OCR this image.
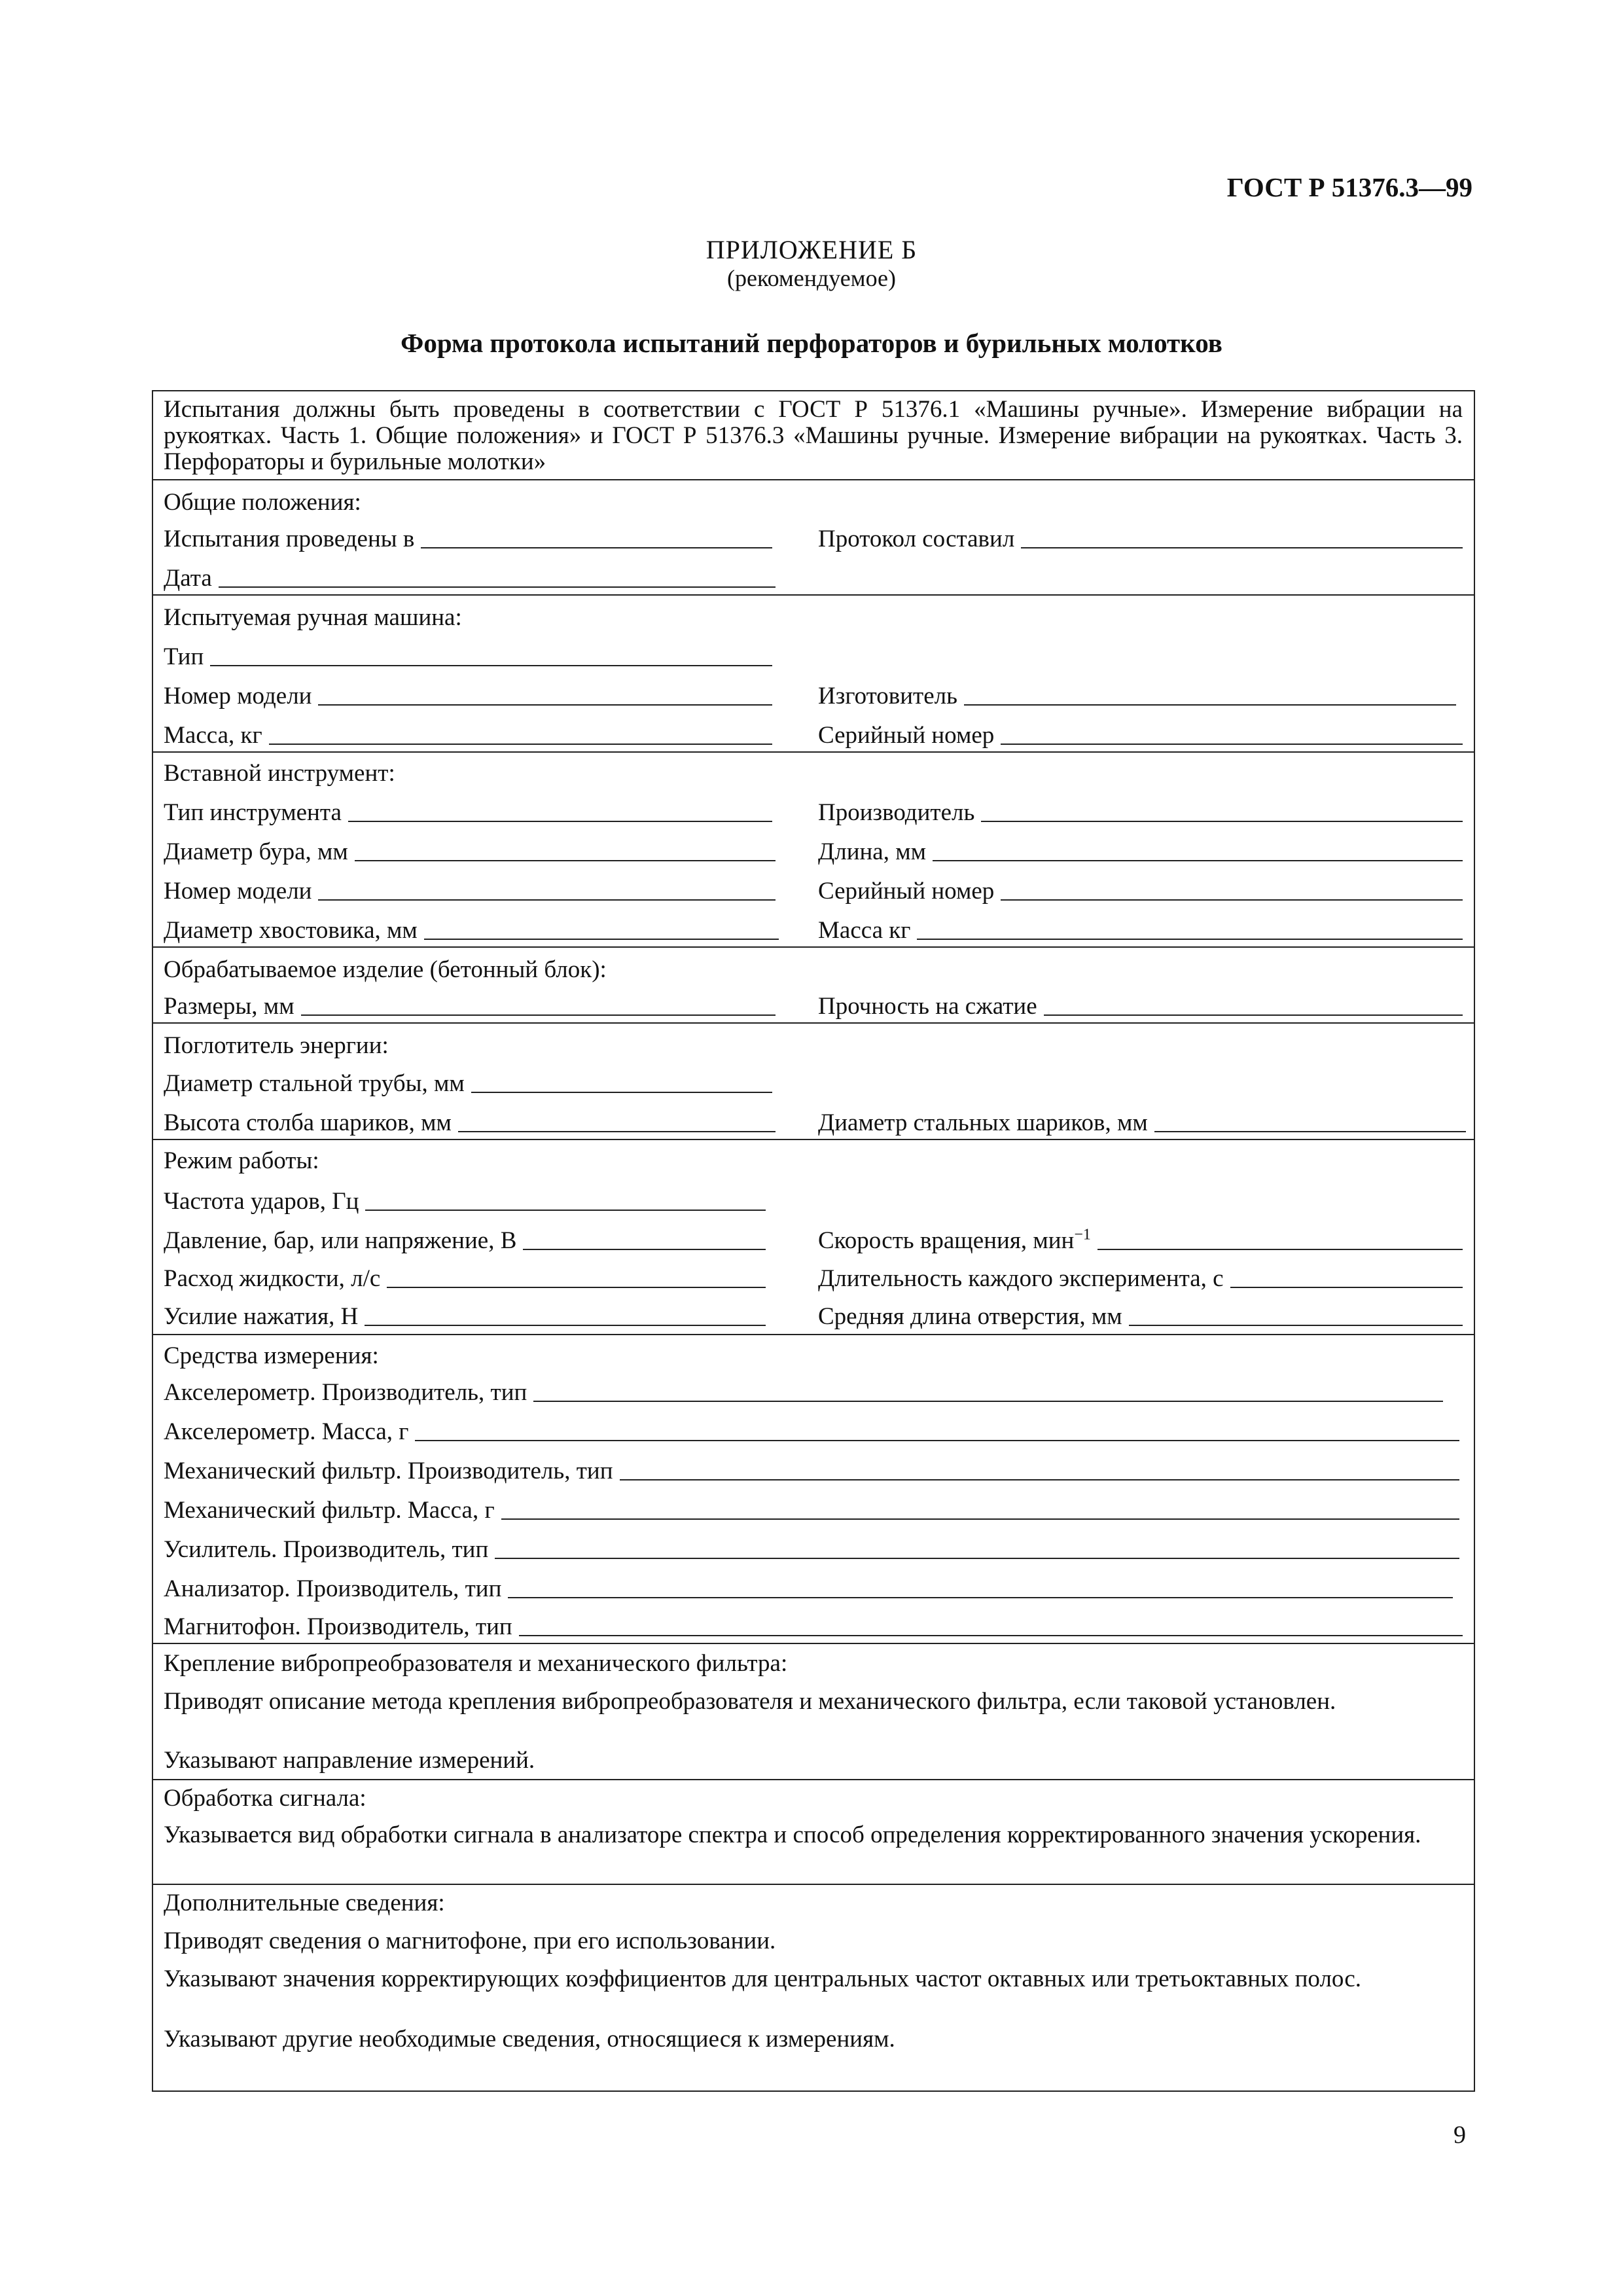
ГОСТ Р 51376.3—99
ПРИЛОЖЕНИЕ Б
(рекомендуемое)
Форма протокола испытаний перфораторов и бурильных молотков
Испытания должны быть проведены в соответствии с ГОСТ Р 51376.1 «Машины ручные». Измерение вибрации на рукоятках. Часть 1. Общие положения» и ГОСТ Р 51376.3 «Машины ручные. Измерение вибрации на рукоятках. Часть 3. Перфораторы и бурильные молотки»
Общие положения:
Испытания проведены в	Протокол составил
Дата
Испытуемая ручная машина:
Тип
Номер модели	Изготовитель
Масса, кг	Серийный номер
Вставной инструмент:
Тип инструмента	Производитель
Диаметр бура, мм	Длина, мм
Номер модели	Серийный номер
Диаметр хвостовика, мм	Масса кг
Обрабатываемое изделие (бетонный блок):
Размеры, мм	Прочность на сжатие
Поглотитель энергии:
Диаметр стальной трубы, мм
Высота столба шариков, мм	Диаметр стальных шариков, мм
Режим работы:
Частота ударов, Гц
Давление, бар, или напряжение, В	Скорость вращения, мин$^{-1}$
Расход жидкости, л/с	Длительность каждого эксперимента, с
Усилие нажатия, Н	Средняя длина отверстия, мм
Средства измерения:
Акселерометр. Производитель, тип
Акселерометр. Масса, г
Механический фильтр. Производитель, тип
Механический фильтр. Масса, г
Усилитель. Производитель, тип
Анализатор. Производитель, тип
Магнитофон. Производитель, тип
Крепление вибропреобразователя и механического фильтра:
Приводят описание метода крепления вибропреобразователя и механического фильтра, если таковой установлен.
Указывают направление измерений.
Обработка сигнала:
Указывается вид обработки сигнала в анализаторе спектра и способ определения корректированного значения ускорения.
Дополнительные сведения:
Приводят сведения о магнитофоне, при его использовании.
Указывают значения корректирующих коэффициентов для центральных частот октавных или третьоктавных полос.
Указывают другие необходимые сведения, относящиеся к измерениям.
9
